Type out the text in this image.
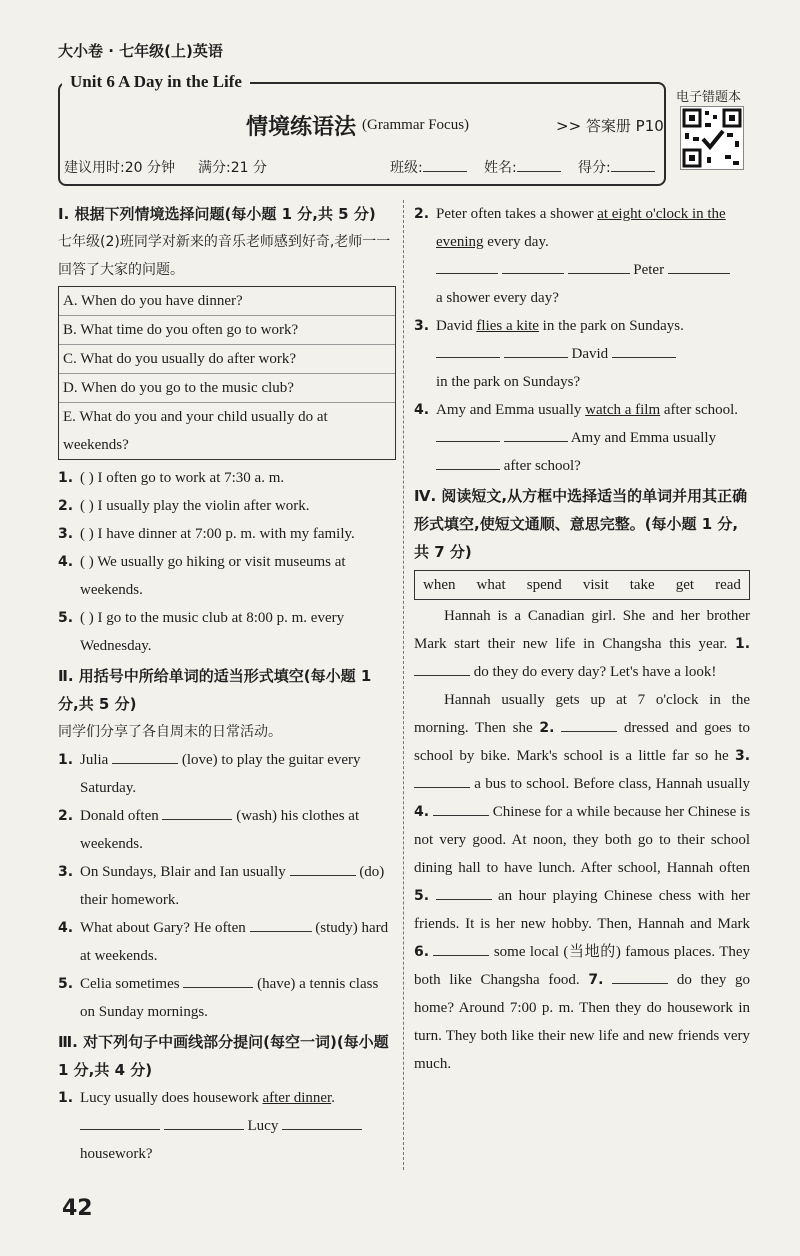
大小卷 · 七年级(上)英语
Unit 6 A Day in the Life
情境练语法 (Grammar Focus)	>> 答案册 P10
电子错题本
建议用时:20 分钟 满分:21 分	班级:	姓名:	得分:

Ⅰ. 根据下列情境选择问题(每小题 1 分,共 5 分)

七年级(2)班同学对新来的音乐老师感到好奇,老师一一回答了大家的问题。

A. When do you have dinner?
B. What time do you often go to work?
C. What do you usually do after work?
D. When do you go to the music club?
E. What do you and your child usually do at weekends?
1. ( ) I often go to work at 7:30 a. m.
2. ( ) I usually play the violin after work.
3. ( ) I have dinner at 7:00 p. m. with my family.
4. ( ) We usually go hiking or visit museums at weekends.
5. ( ) I go to the music club at 8:00 p. m. every Wednesday.

Ⅱ. 用括号中所给单词的适当形式填空(每小题 1 分,共 5 分)

同学们分享了各自周末的日常活动。

1. Julia	(love) to play the guitar every Saturday.
2. Donald often	(wash) his clothes at weekends.
3. On Sundays, Blair and Ian usually	(do) their homework.
4. What about Gary? He often	(study) hard at weekends.
5. Celia sometimes	(have) a tennis class on Sunday mornings.

Ⅲ. 对下列句子中画线部分提问(每空一词)(每小题 1 分,共 4 分)

1. Lucy usually does housework after dinner.
Lucy
housework?
2. Peter often takes a shower at eight o'clock in the evening every day.
Peter
a shower every day?
3. David flies a kite in the park on Sundays.
David
in the park on Sundays?
4. Amy and Emma usually watch a film after school.
Amy and Emma usually
after school?

Ⅳ. 阅读短文,从方框中选择适当的单词并用其正确形式填空,使短文通顺、意思完整。(每小题 1 分,共 7 分)

when what spend visit take get read

Hannah is a Canadian girl. She and her brother Mark start their new life in Changsha this year. 1.  do they do every day? Let's have a look!

Hannah usually gets up at 7 o'clock in the morning. Then she 2.	dressed and goes to school by bike. Mark's school is a little far so he 3.  a bus to school. Before class, Hannah usually 4.	Chinese for a while because her Chinese is not very good. At noon, they both go to their school dining hall to have lunch. After school, Hannah often 5.	an hour playing Chinese chess with her friends. It is her new hobby. Then, Hannah and Mark 6.	some local (当地的) famous places. They both like Changsha food. 7.	do they go home? Around 7:00 p. m. Then they do housework in turn. They both like their new life and new friends very much.

42
